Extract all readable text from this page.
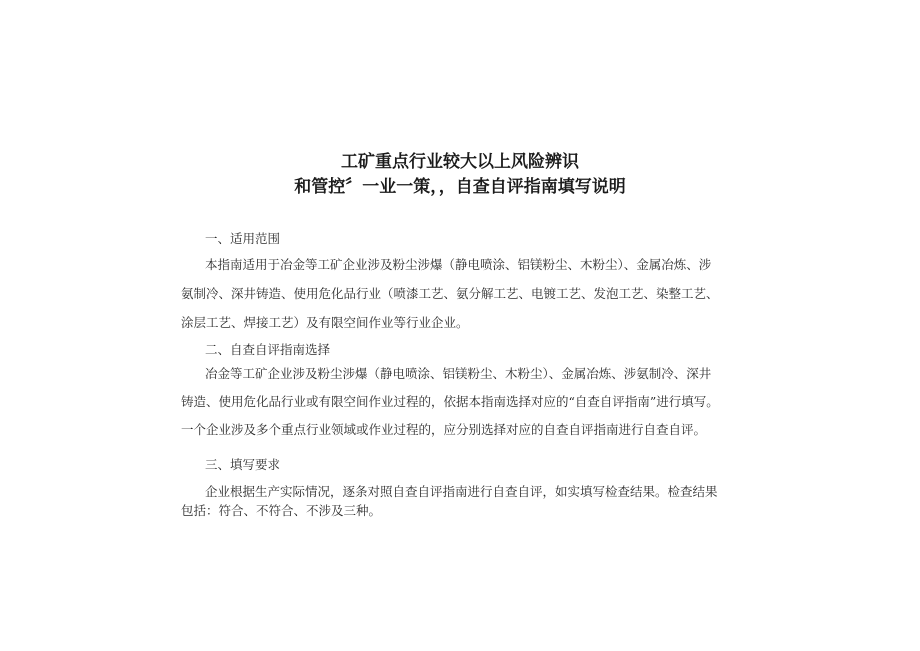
工矿重点行业较大以上风险辨识
和管控〞一业一策，，自查自评指南填写说明
一、适用范围
本指南适用于冶金等工矿企业涉及粉尘涉爆（静电喷涂、铝镁粉尘、木粉尘）、金属冶炼、涉
氨制冷、深井铸造、使用危化品行业（喷漆工艺、氨分解工艺、电镀工艺、发泡工艺、染整工艺、
涂层工艺、焊接工艺）及有限空间作业等行业企业。
二、自查自评指南选择
冶金等工矿企业涉及粉尘涉爆（静电喷涂、铝镁粉尘、木粉尘）、金属冶炼、涉氨制冷、深井
铸造、使用危化品行业或有限空间作业过程的，依据本指南选择对应的“自查自评指南”进行填写。
一个企业涉及多个重点行业领域或作业过程的，应分别选择对应的自查自评指南进行自查自评。
三、填写要求
企业根据生产实际情况，逐条对照自查自评指南进行自查自评，如实填写检查结果。检查结果
包括：符合、不符合、不涉及三种。
